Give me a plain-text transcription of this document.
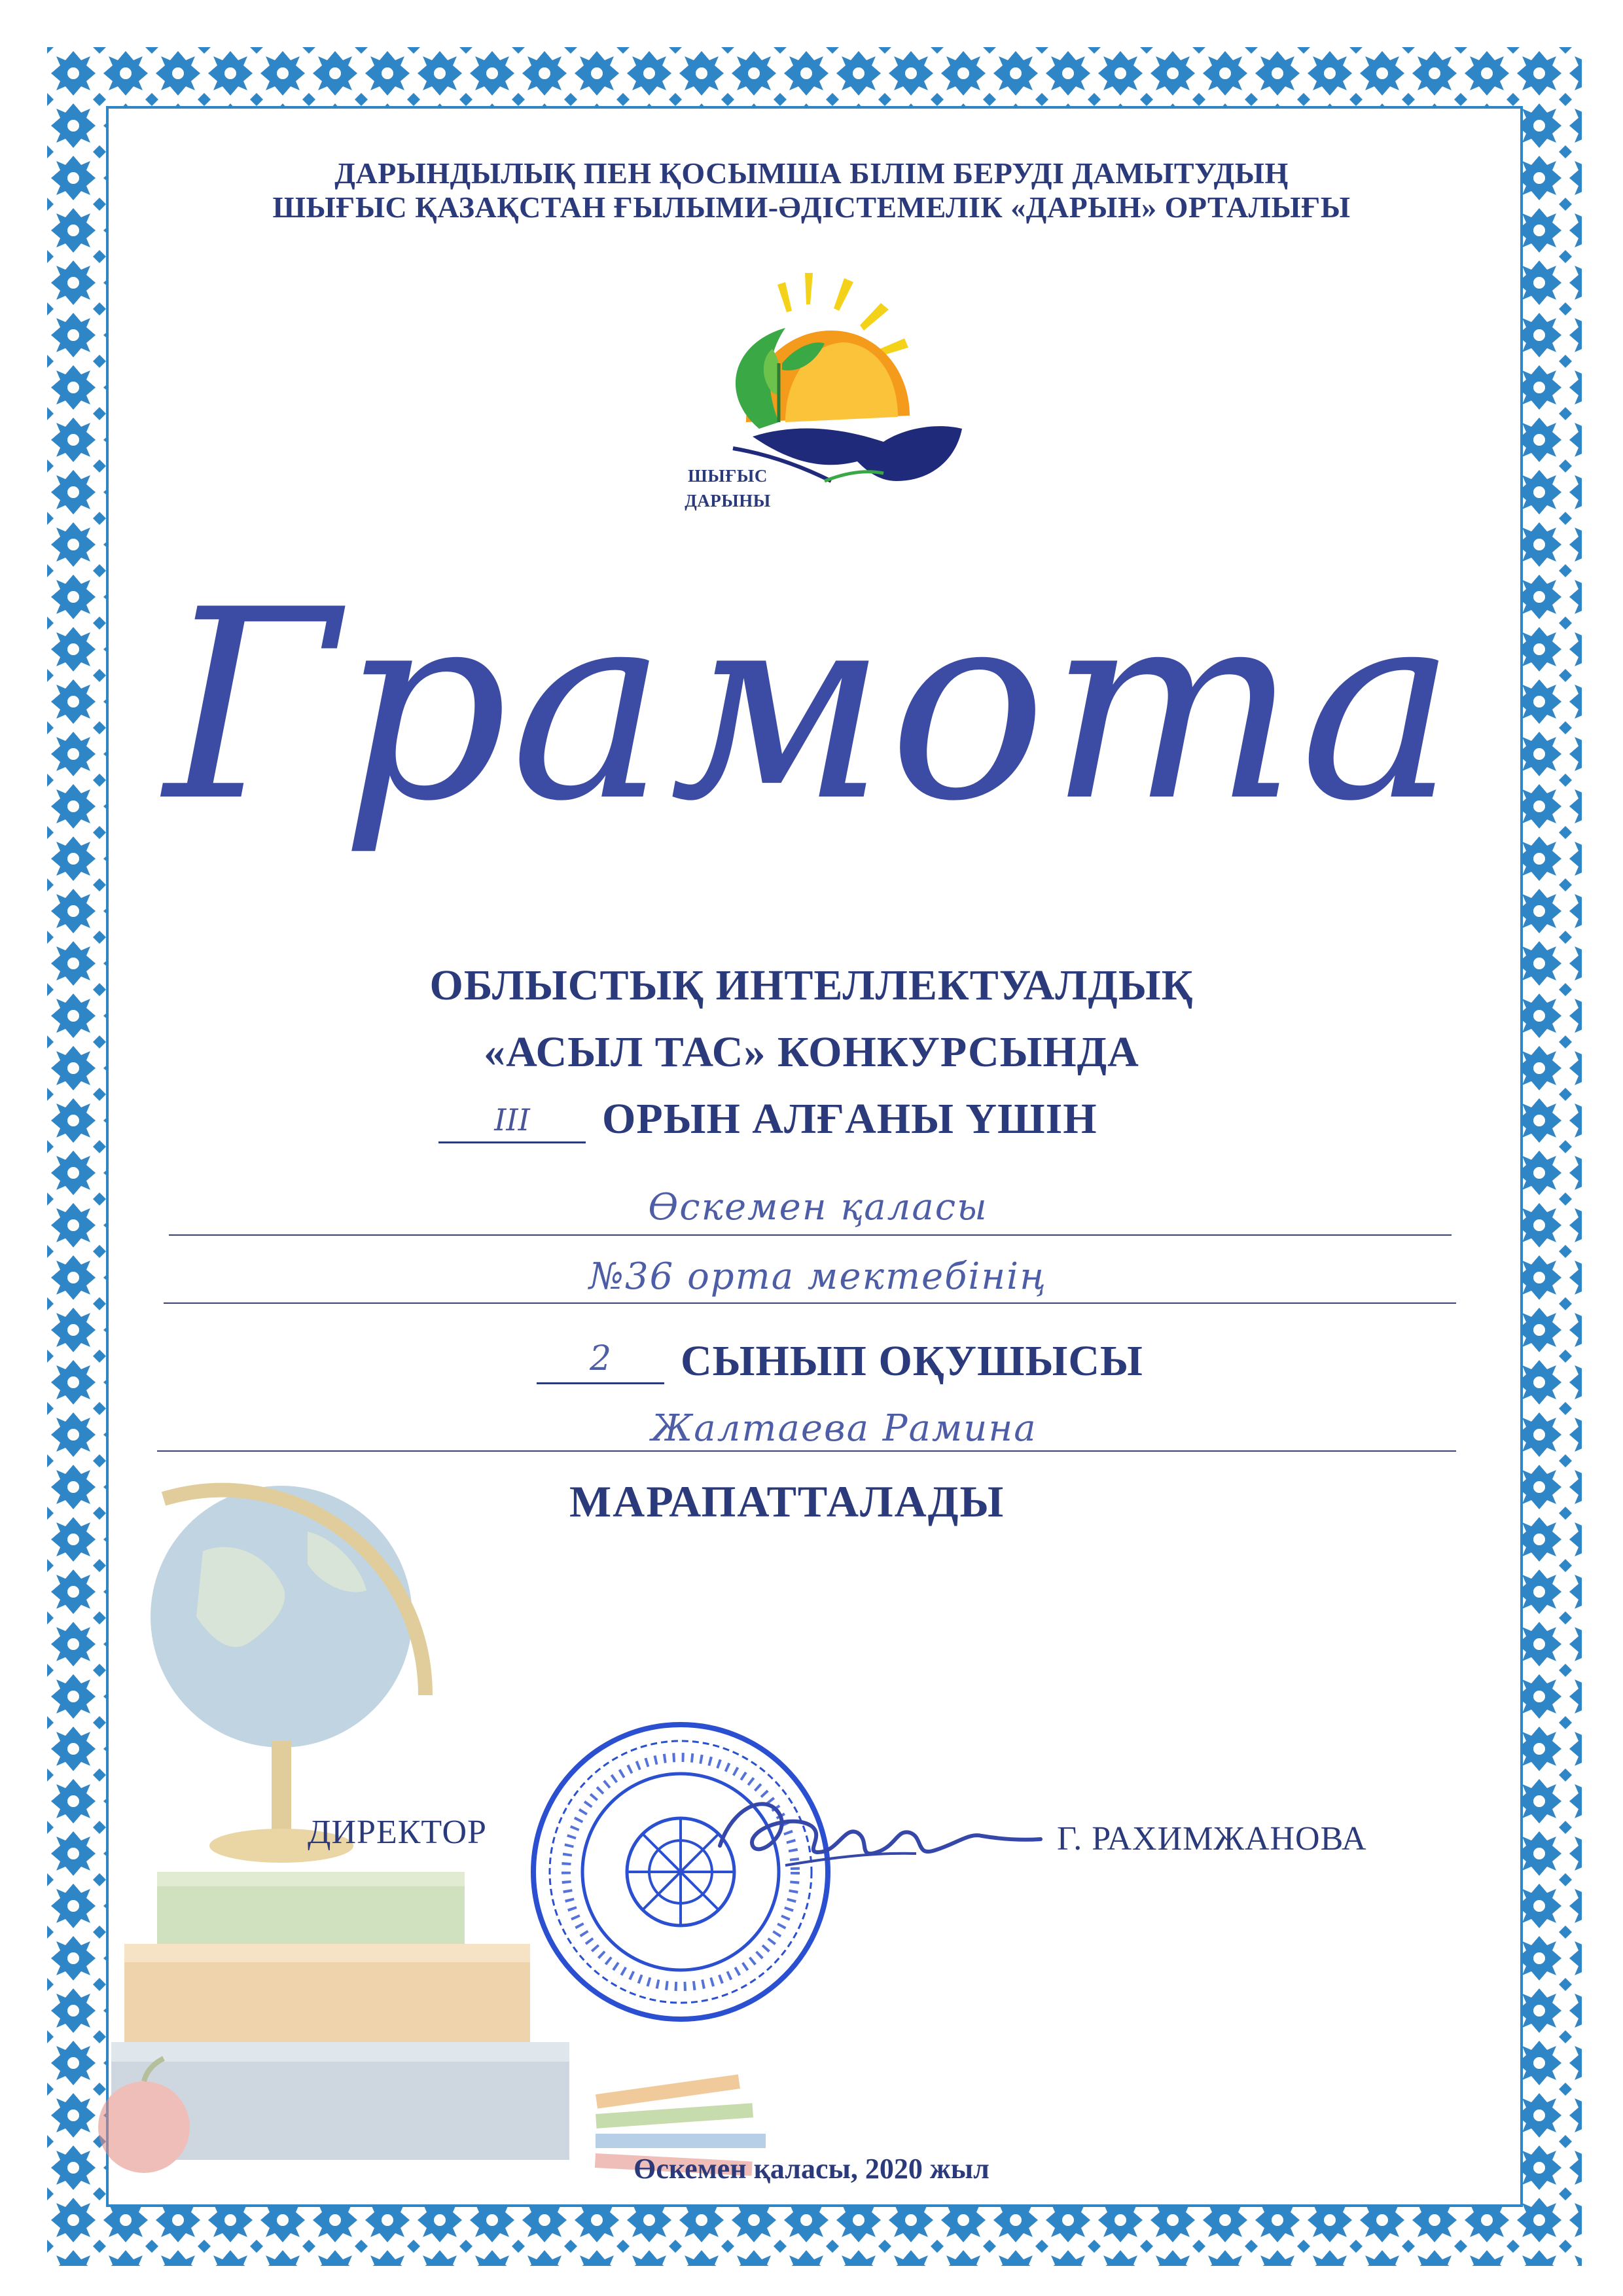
ДАРЫНДЫЛЫҚ ПЕН ҚОСЫМША БІЛІМ БЕРУДІ ДАМЫТУДЫҢ
ШЫҒЫС ҚАЗАҚСТАН ҒЫЛЫМИ-ӘДІСТЕМЕЛІК «ДАРЫН» ОРТАЛЫҒЫ
ШЫҒЫС
ДАРЫНЫ
Грамота
ОБЛЫСТЫҚ ИНТЕЛЛЕКТУАЛДЫҚ
«АСЫЛ ТАС» КОНКУРСЫНДА
ІІІ	ОРЫН АЛҒАНЫ ҮШІН
Өскемен қаласы
№36 орта мектебінің
2	СЫНЫП ОҚУШЫСЫ
Жалтаева Рамина
МАРАПАТТАЛАДЫ
ДИРЕКТОР	Г. РАХИМЖАНОВА
Өскемен қаласы, 2020 жыл
